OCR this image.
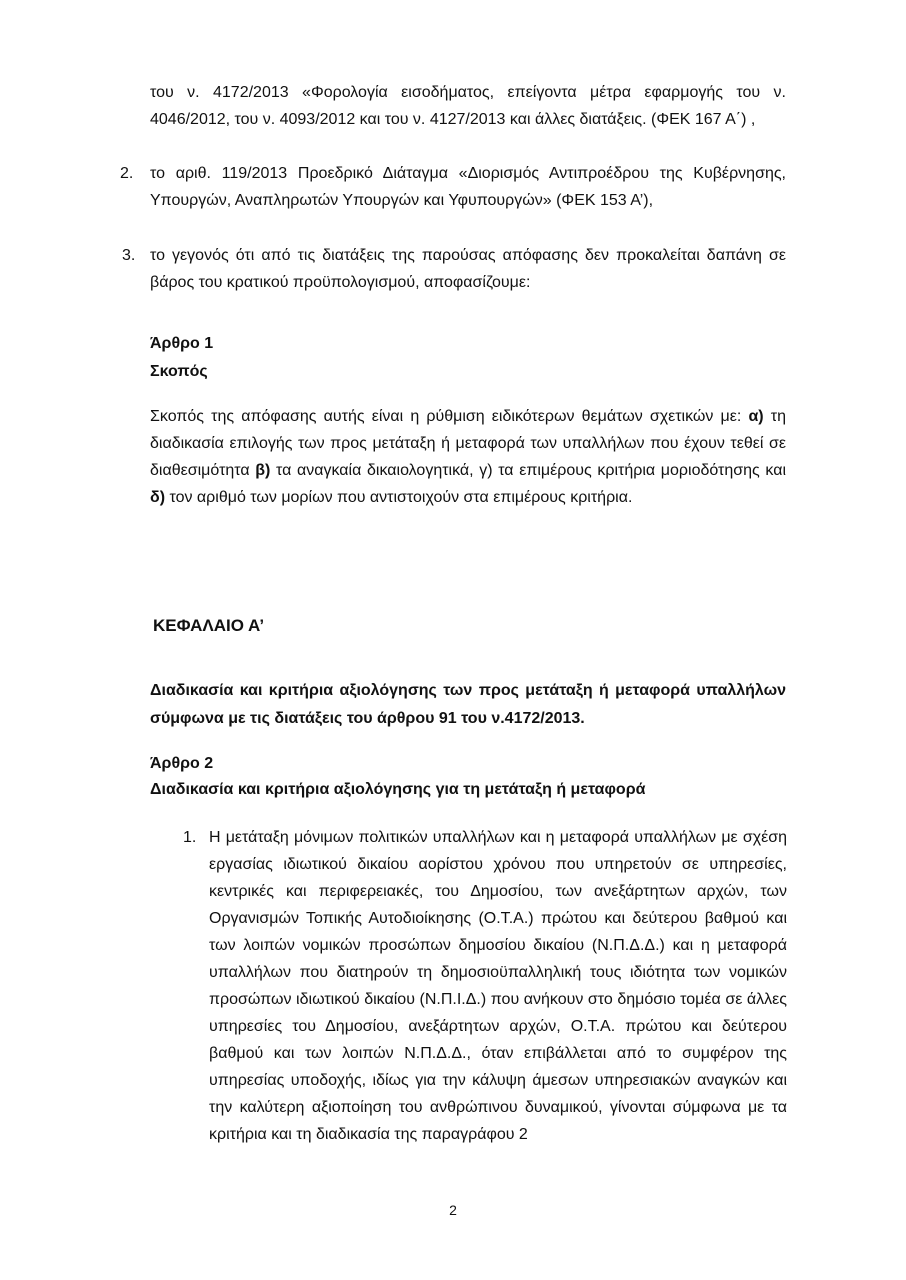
του ν. 4172/2013 «Φορολογία εισοδήματος, επείγοντα μέτρα εφαρμογής του ν. 4046/2012, του ν. 4093/2012 και του ν. 4127/2013 και άλλες διατάξεις. (ΦΕΚ 167 Α΄) ,
2. το αριθ. 119/2013 Προεδρικό Διάταγμα «Διορισμός Αντιπροέδρου της Κυβέρνησης, Υπουργών, Αναπληρωτών Υπουργών και Υφυπουργών» (ΦΕΚ 153 Α’),
3. το γεγονός ότι από τις διατάξεις της παρούσας απόφασης δεν προκαλείται δαπάνη σε βάρος του κρατικού προϋπολογισμού, αποφασίζουμε:
Άρθρο 1
Σκοπός
Σκοπός της απόφασης αυτής είναι η ρύθμιση ειδικότερων θεμάτων σχετικών με: α) τη διαδικασία επιλογής των προς μετάταξη ή μεταφορά των υπαλλήλων που έχουν τεθεί σε διαθεσιμότητα β) τα αναγκαία δικαιολογητικά, γ) τα επιμέρους κριτήρια μοριοδότησης και δ) τον αριθμό των μορίων που αντιστοιχούν στα επιμέρους κριτήρια.
ΚΕΦΑΛΑΙΟ Α’
Διαδικασία και κριτήρια αξιολόγησης των προς μετάταξη ή μεταφορά υπαλλήλων σύμφωνα με τις διατάξεις του άρθρου 91 του ν.4172/2013.
Άρθρο 2
Διαδικασία και κριτήρια αξιολόγησης για τη μετάταξη ή μεταφορά
1. Η μετάταξη μόνιμων πολιτικών υπαλλήλων και η μεταφορά υπαλλήλων με σχέση εργασίας ιδιωτικού δικαίου αορίστου χρόνου που υπηρετούν σε υπηρεσίες, κεντρικές και περιφερειακές, του Δημοσίου, των ανεξάρτητων αρχών, των Οργανισμών Τοπικής Αυτοδιοίκησης (Ο.Τ.Α.) πρώτου και δεύτερου βαθμού και των λοιπών νομικών προσώπων δημοσίου δικαίου (Ν.Π.Δ.Δ.) και η μεταφορά υπαλλήλων που διατηρούν τη δημοσιοϋπαλληλική τους ιδιότητα των νομικών προσώπων ιδιωτικού δικαίου (Ν.Π.Ι.Δ.) που ανήκουν στο δημόσιο τομέα σε άλλες υπηρεσίες του Δημοσίου, ανεξάρτητων αρχών, Ο.Τ.Α. πρώτου και δεύτερου βαθμού και των λοιπών Ν.Π.Δ.Δ., όταν επιβάλλεται από το συμφέρον της υπηρεσίας υποδοχής, ιδίως για την κάλυψη άμεσων υπηρεσιακών αναγκών και την καλύτερη αξιοποίηση του ανθρώπινου δυναμικού, γίνονται σύμφωνα με τα κριτήρια και τη διαδικασία της παραγράφου 2
2
